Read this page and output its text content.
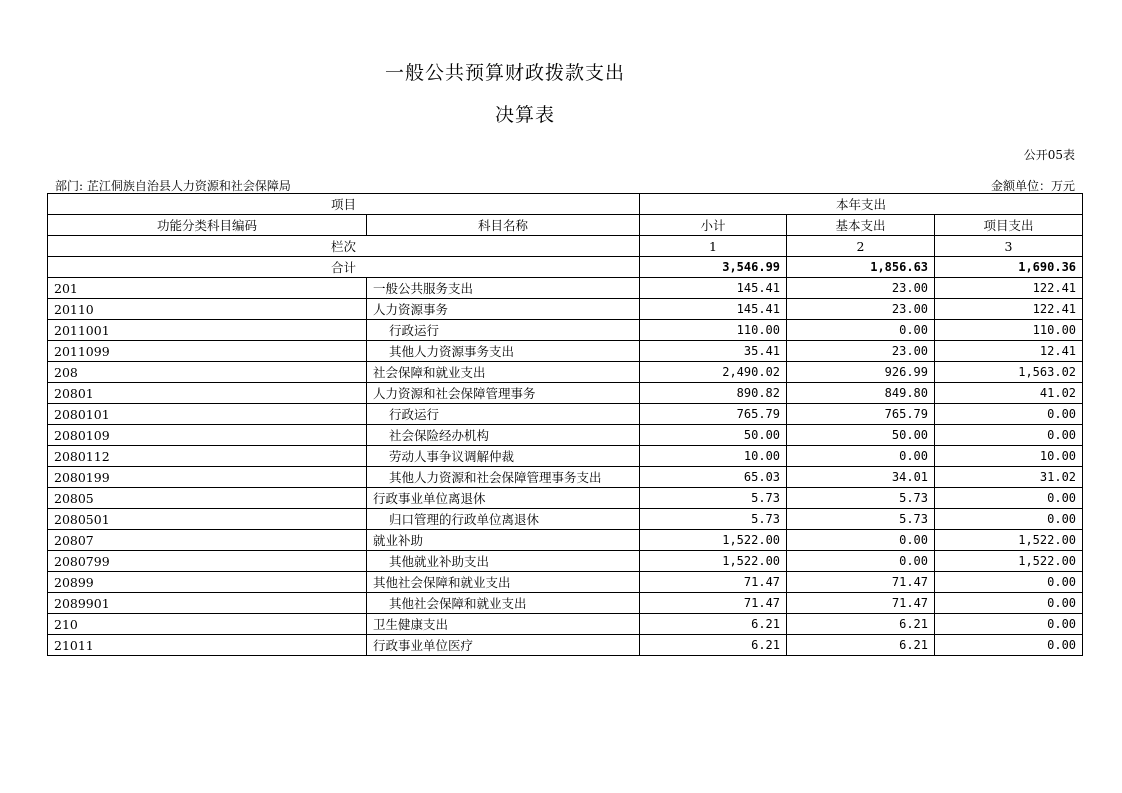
一般公共预算财政拨款支出
决算表
公开05表
部门: 芷江侗族自治县人力资源和社会保障局	金额单位：万元
项目		本年支出		
功能分类科目编码	科目名称	小计	基本支出	项目支出
栏次		1	2	3
合计		3,546.99	1,856.63	1,690.36
201	一般公共服务支出	145.41	23.00	122.41
20110	人力资源事务	145.41	23.00	122.41
2011001	行政运行	110.00	0.00	110.00
2011099	其他人力资源事务支出	35.41	23.00	12.41
208	社会保障和就业支出	2,490.02	926.99	1,563.02
20801	人力资源和社会保障管理事务	890.82	849.80	41.02
2080101	行政运行	765.79	765.79	0.00
2080109	社会保险经办机构	50.00	50.00	0.00
2080112	劳动人事争议调解仲裁	10.00	0.00	10.00
2080199	其他人力资源和社会保障管理事务支出	65.03	34.01	31.02
20805	行政事业单位离退休	5.73	5.73	0.00
2080501	归口管理的行政单位离退休	5.73	5.73	0.00
20807	就业补助	1,522.00	0.00	1,522.00
2080799	其他就业补助支出	1,522.00	0.00	1,522.00
20899	其他社会保障和就业支出	71.47	71.47	0.00
2089901	其他社会保障和就业支出	71.47	71.47	0.00
210	卫生健康支出	6.21	6.21	0.00
21011	行政事业单位医疗	6.21	6.21	0.00
